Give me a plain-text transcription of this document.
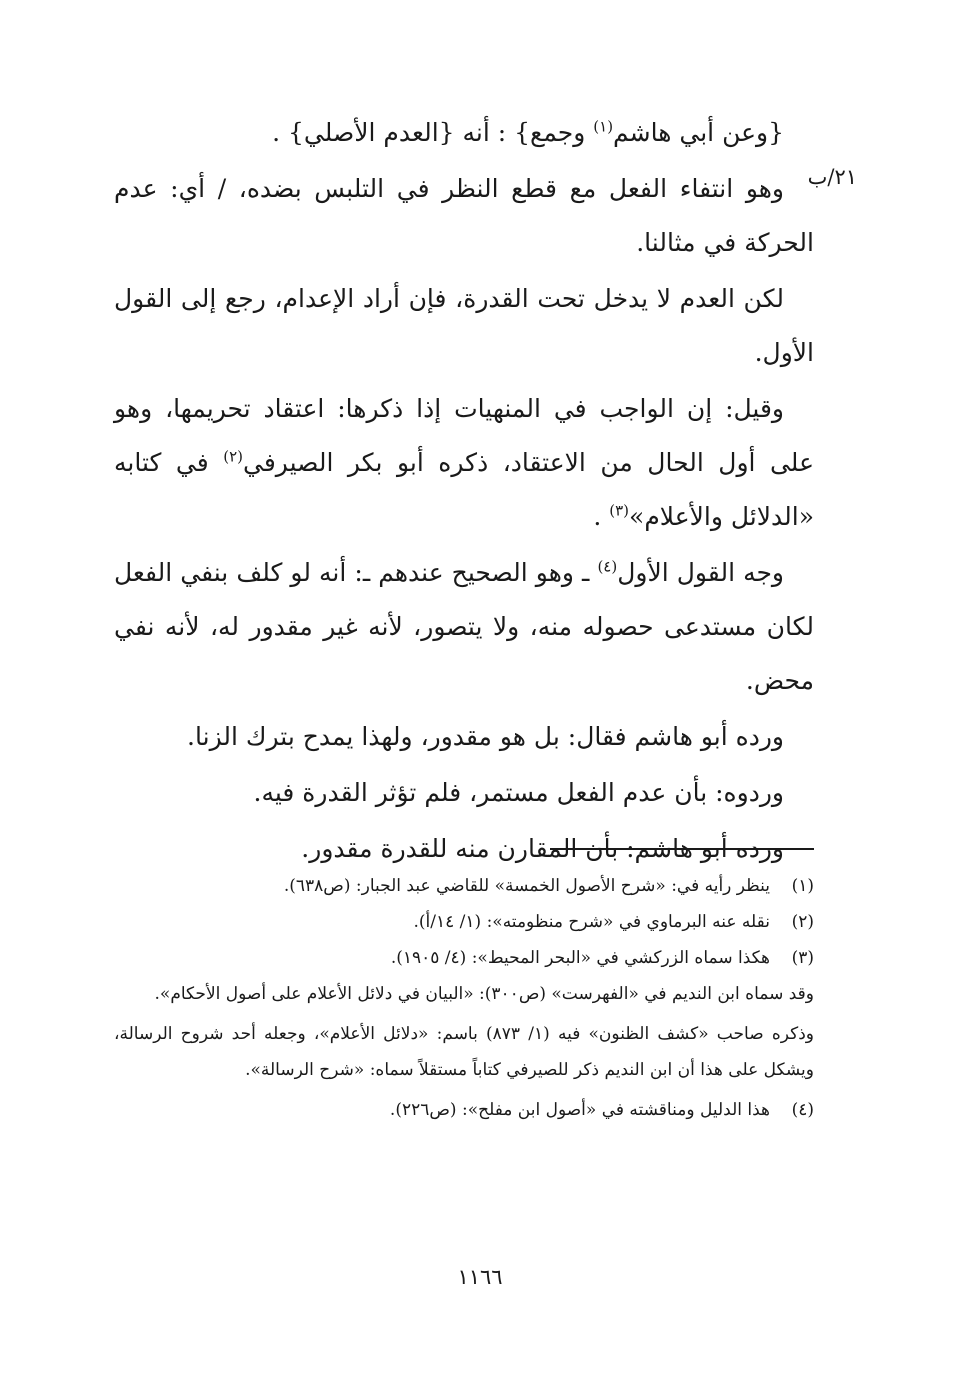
٢١/ب

{وعن أبي هاشم$^{(١)}$ وجمع} : أنه {العدم الأصلي} .

وهو انتفاء الفعل مع قطع النظر في التلبس بضده، / أي: عدم الحركة في مثالنا.

لكن العدم لا يدخل تحت القدرة، فإن أراد الإعدام، رجع إلى القول الأول.

وقيل: إن الواجب في المنهيات إذا ذكرها: اعتقاد تحريمها، وهو على أول الحال من الاعتقاد، ذكره أبو بكر الصيرفي$^{(٢)}$ في كتابه «الدلائل والأعلام»$^{(٣)}$ .

وجه القول الأول$^{(٤)}$ ـ وهو الصحيح عندهم ـ: أنه لو كلف بنفي الفعل لكان مستدعى حصوله منه، ولا يتصور، لأنه غير مقدور له، لأنه نفي محض.

ورده أبو هاشم فقال: بل هو مقدور، ولهذا يمدح بترك الزنا.

وردوه: بأن عدم الفعل مستمر، فلم تؤثر القدرة فيه.

ورده أبو هاشم: بأن المقارن منه للقدرة مقدور.

(١)
ينظر رأيه في: «شرح الأصول الخمسة» للقاضي عبد الجبار: (ص٦٣٨).

(٢)
نقله عنه البرماوي في «شرح منظومته»: (١/ ١٤/أ).

(٣)
هكذا سماه الزركشي في «البحر المحيط»: (٤/ ١٩٠٥).

وقد سماه ابن النديم في «الفهرست» (ص٣٠٠): «البيان في دلائل الأعلام على أصول الأحكام».

وذكره صاحب «كشف الظنون» فيه (١/ ٨٧٣) باسم: «دلائل الأعلام»، وجعله أحد شروح الرسالة، ويشكل على هذا أن ابن النديم ذكر للصيرفي كتاباً مستقلاً سماه: «شرح الرسالة».

(٤)
هذا الدليل ومناقشته في «أصول ابن مفلح»: (ص٢٢٦).

١١٦٦
